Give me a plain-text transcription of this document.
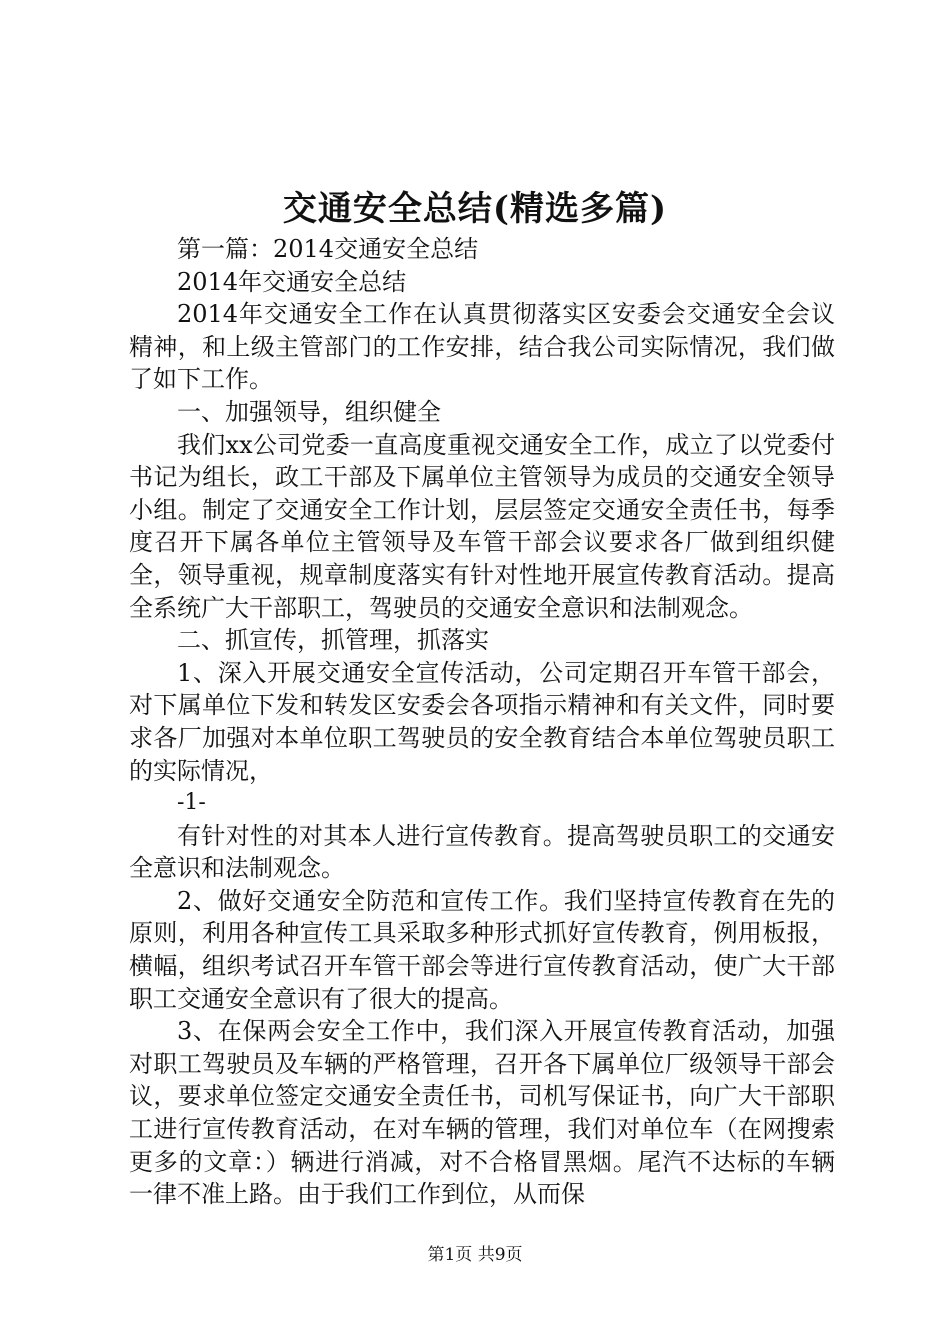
交通安全总结(精选多篇)

第一篇：2014交通安全总结

2014年交通安全总结

2014年交通安全工作在认真贯彻落实区安委会交通安全会议精神，和上级主管部门的工作安排，结合我公司实际情况，我们做了如下工作。

一、加强领导，组织健全

我们xx公司党委一直高度重视交通安全工作，成立了以党委付书记为组长，政工干部及下属单位主管领导为成员的交通安全领导小组。制定了交通安全工作计划，层层签定交通安全责任书，每季度召开下属各单位主管领导及车管干部会议要求各厂做到组织健全，领导重视，规章制度落实有针对性地开展宣传教育活动。提高全系统广大干部职工，驾驶员的交通安全意识和法制观念。

二、抓宣传，抓管理，抓落实

1、深入开展交通安全宣传活动，公司定期召开车管干部会，对下属单位下发和转发区安委会各项指示精神和有关文件，同时要求各厂加强对本单位职工驾驶员的安全教育结合本单位驾驶员职工的实际情况，

-1-

有针对性的对其本人进行宣传教育。提高驾驶员职工的交通安全意识和法制观念。

2、做好交通安全防范和宣传工作。我们坚持宣传教育在先的原则，利用各种宣传工具采取多种形式抓好宣传教育，例用板报，横幅，组织考试召开车管干部会等进行宣传教育活动，使广大干部职工交通安全意识有了很大的提高。

3、在保两会安全工作中，我们深入开展宣传教育活动，加强对职工驾驶员及车辆的严格管理，召开各下属单位厂级领导干部会议，要求单位签定交通安全责任书，司机写保证书，向广大干部职工进行宣传教育活动，在对车辆的管理，我们对单位车（在网搜索更多的文章：）辆进行消减，对不合格冒黑烟。尾汽不达标的车辆一律不准上路。由于我们工作到位，从而保

第1页 共9页
